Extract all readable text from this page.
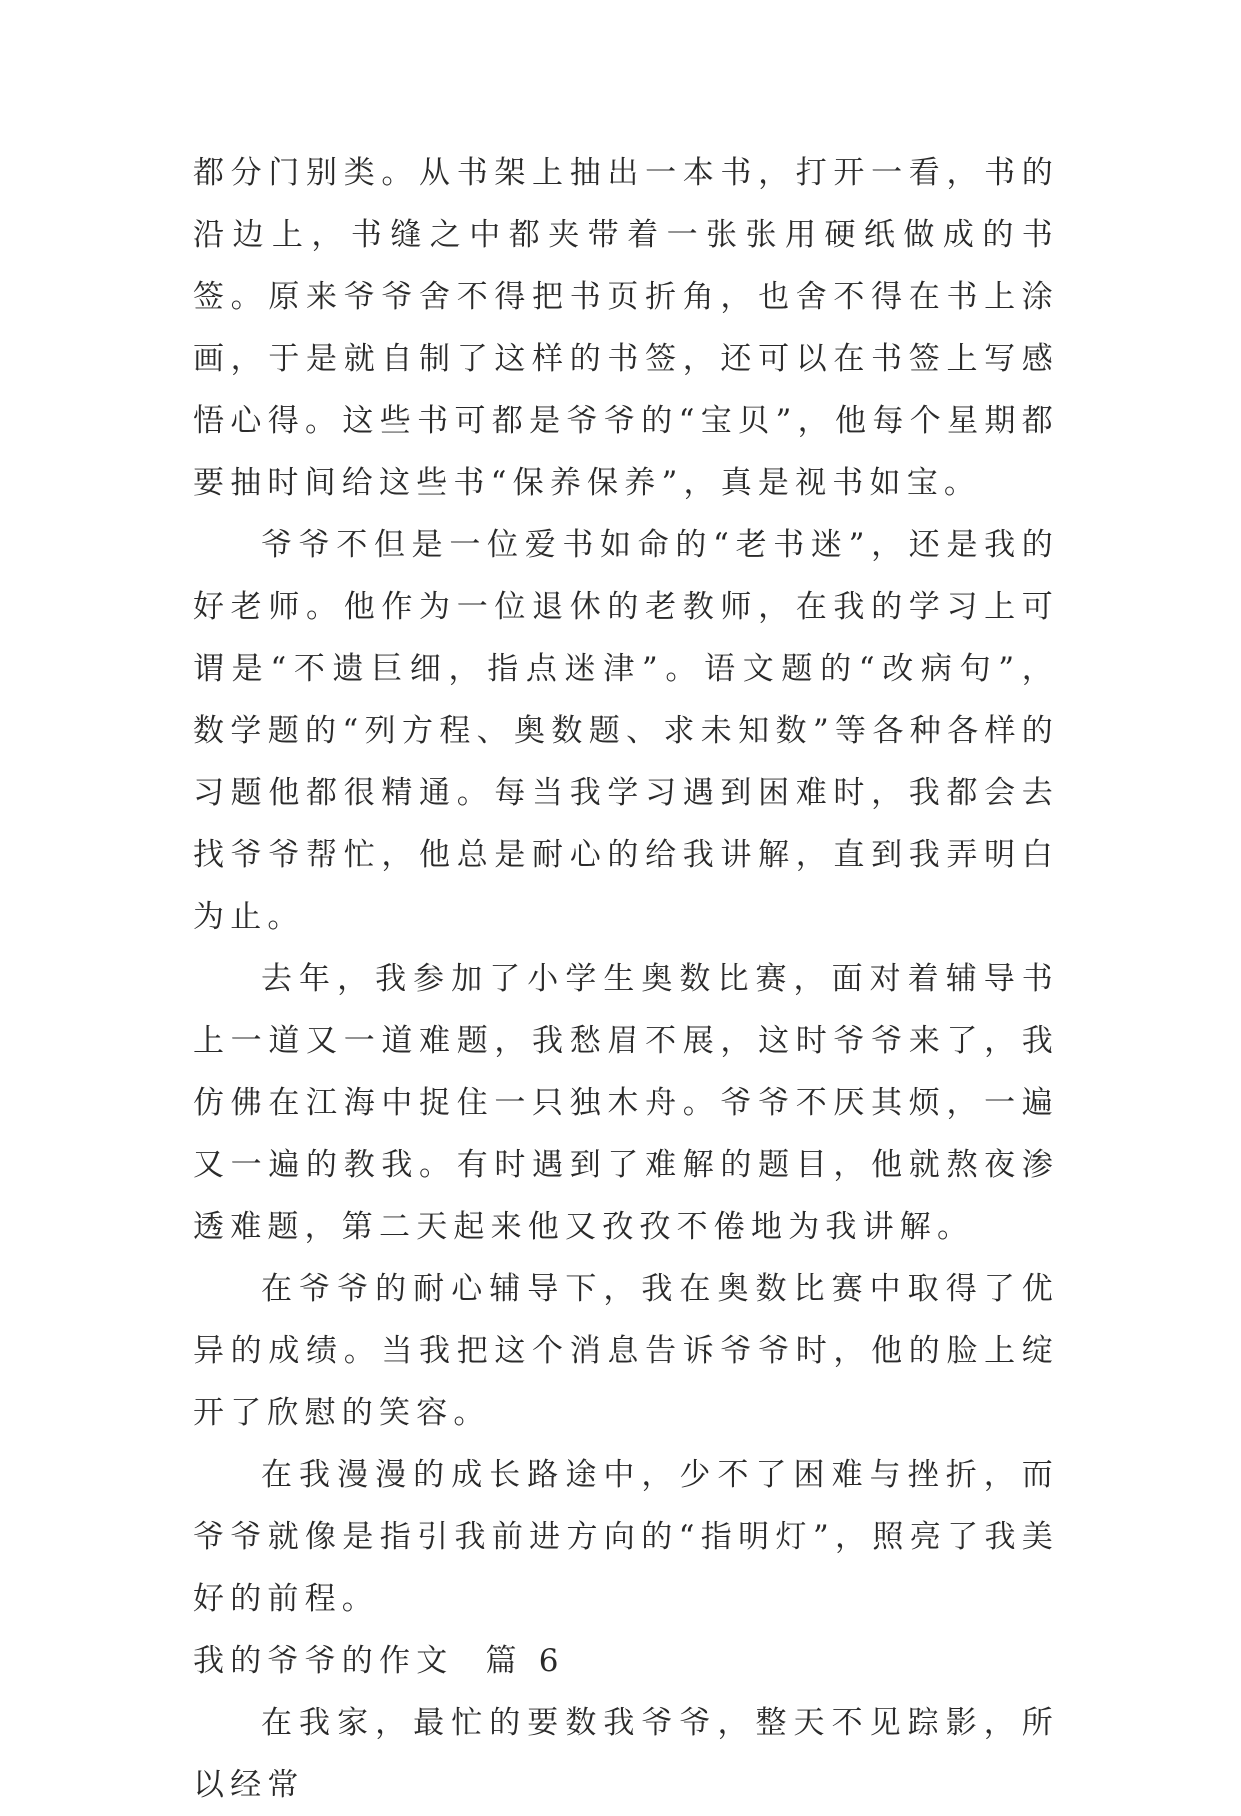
都分门别类。从书架上抽出一本书，打开一看，书的沿边上，书缝之中都夹带着一张张用硬纸做成的书签。原来爷爷舍不得把书页折角，也舍不得在书上涂画，于是就自制了这样的书签，还可以在书签上写感悟心得。这些书可都是爷爷的“宝贝”，他每个星期都要抽时间给这些书“保养保养”，真是视书如宝。

爷爷不但是一位爱书如命的“老书迷”，还是我的好老师。他作为一位退休的老教师，在我的学习上可谓是“不遗巨细，指点迷津”。语文题的“改病句”，数学题的“列方程、奥数题、求未知数”等各种各样的习题他都很精通。每当我学习遇到困难时，我都会去找爷爷帮忙，他总是耐心的给我讲解，直到我弄明白为止。

去年，我参加了小学生奥数比赛，面对着辅导书上一道又一道难题，我愁眉不展，这时爷爷来了，我仿佛在江海中捉住一只独木舟。爷爷不厌其烦，一遍又一遍的教我。有时遇到了难解的题目，他就熬夜渗透难题，第二天起来他又孜孜不倦地为我讲解。

在爷爷的耐心辅导下，我在奥数比赛中取得了优异的成绩。当我把这个消息告诉爷爷时，他的脸上绽开了欣慰的笑容。

在我漫漫的成长路途中，少不了困难与挫折，而爷爷就像是指引我前进方向的“指明灯”，照亮了我美好的前程。

我的爷爷的作文  篇 6

在我家，最忙的要数我爷爷，整天不见踪影，所以经常
